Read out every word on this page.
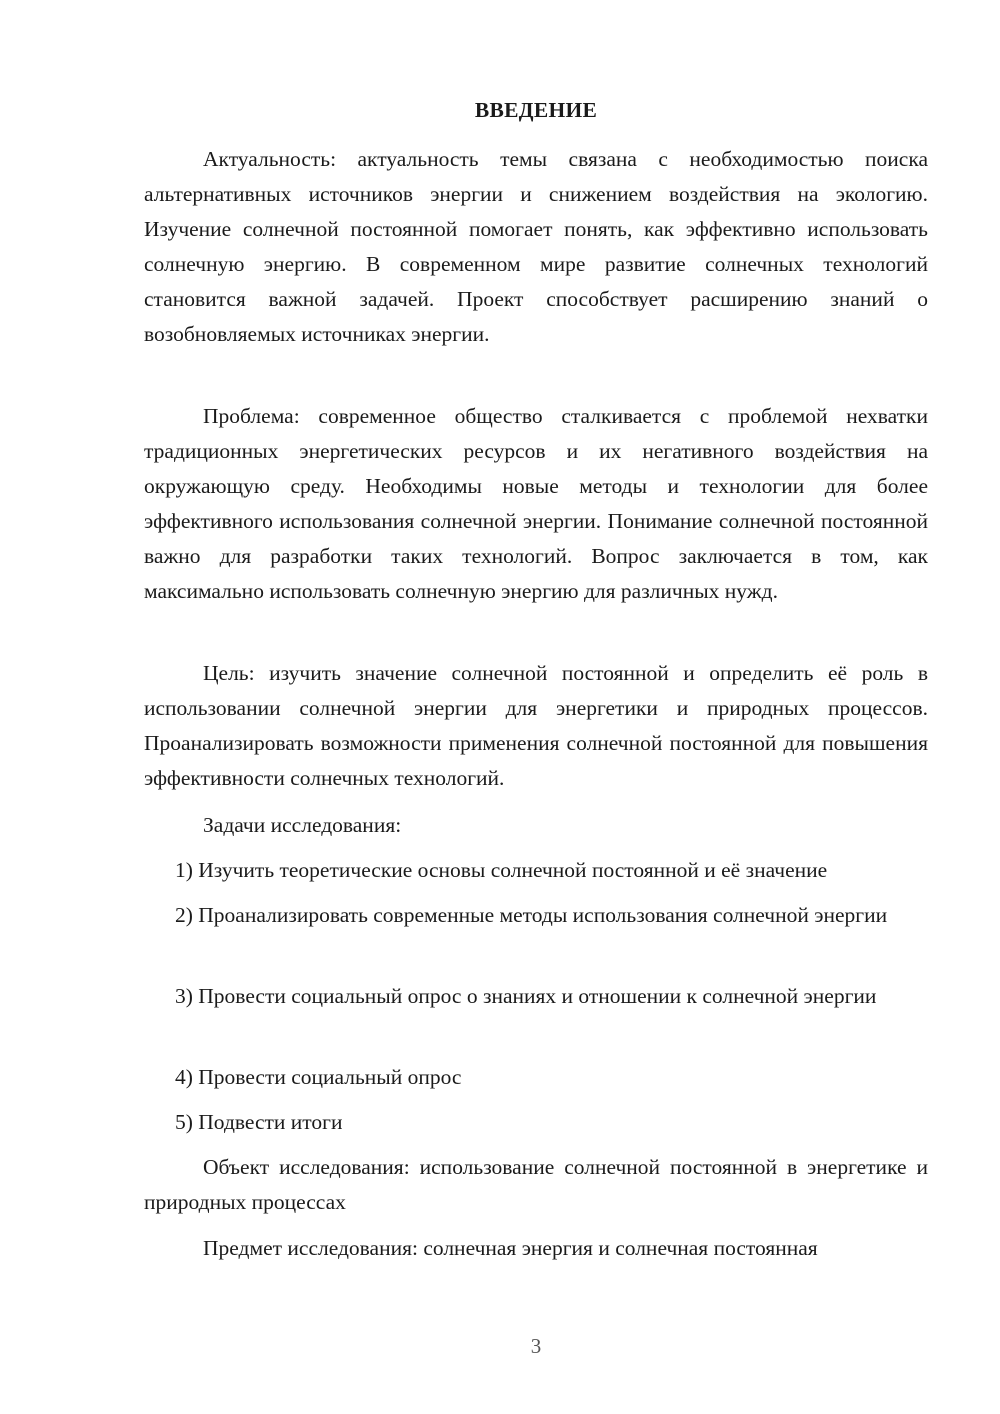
ВВЕДЕНИЕ

Актуальность: актуальность темы связана с необходимостью поиска альтернативных источников энергии и снижением воздействия на экологию. Изучение солнечной постоянной помогает понять, как эффективно использовать солнечную энергию. В современном мире развитие солнечных технологий становится важной задачей. Проект способствует расширению знаний о возобновляемых источниках энергии.

Проблема: современное общество сталкивается с проблемой нехватки традиционных энергетических ресурсов и их негативного воздействия на окружающую среду. Необходимы новые методы и технологии для более эффективного использования солнечной энергии. Понимание солнечной постоянной важно для разработки таких технологий. Вопрос заключается в том, как максимально использовать солнечную энергию для различных нужд.

Цель: изучить значение солнечной постоянной и определить её роль в использовании солнечной энергии для энергетики и природных процессов. Проанализировать возможности применения солнечной постоянной для повышения эффективности солнечных технологий.

Задачи исследования:

1) Изучить теоретические основы солнечной постоянной и её значение

2) Проанализировать современные методы использования солнечной энергии

3) Провести социальный опрос о знаниях и отношении к солнечной энергии

4) Провести социальный опрос

5) Подвести итоги

Объект исследования: использование солнечной постоянной в энергетике и природных процессах

Предмет исследования: солнечная энергия и солнечная постоянная

3
